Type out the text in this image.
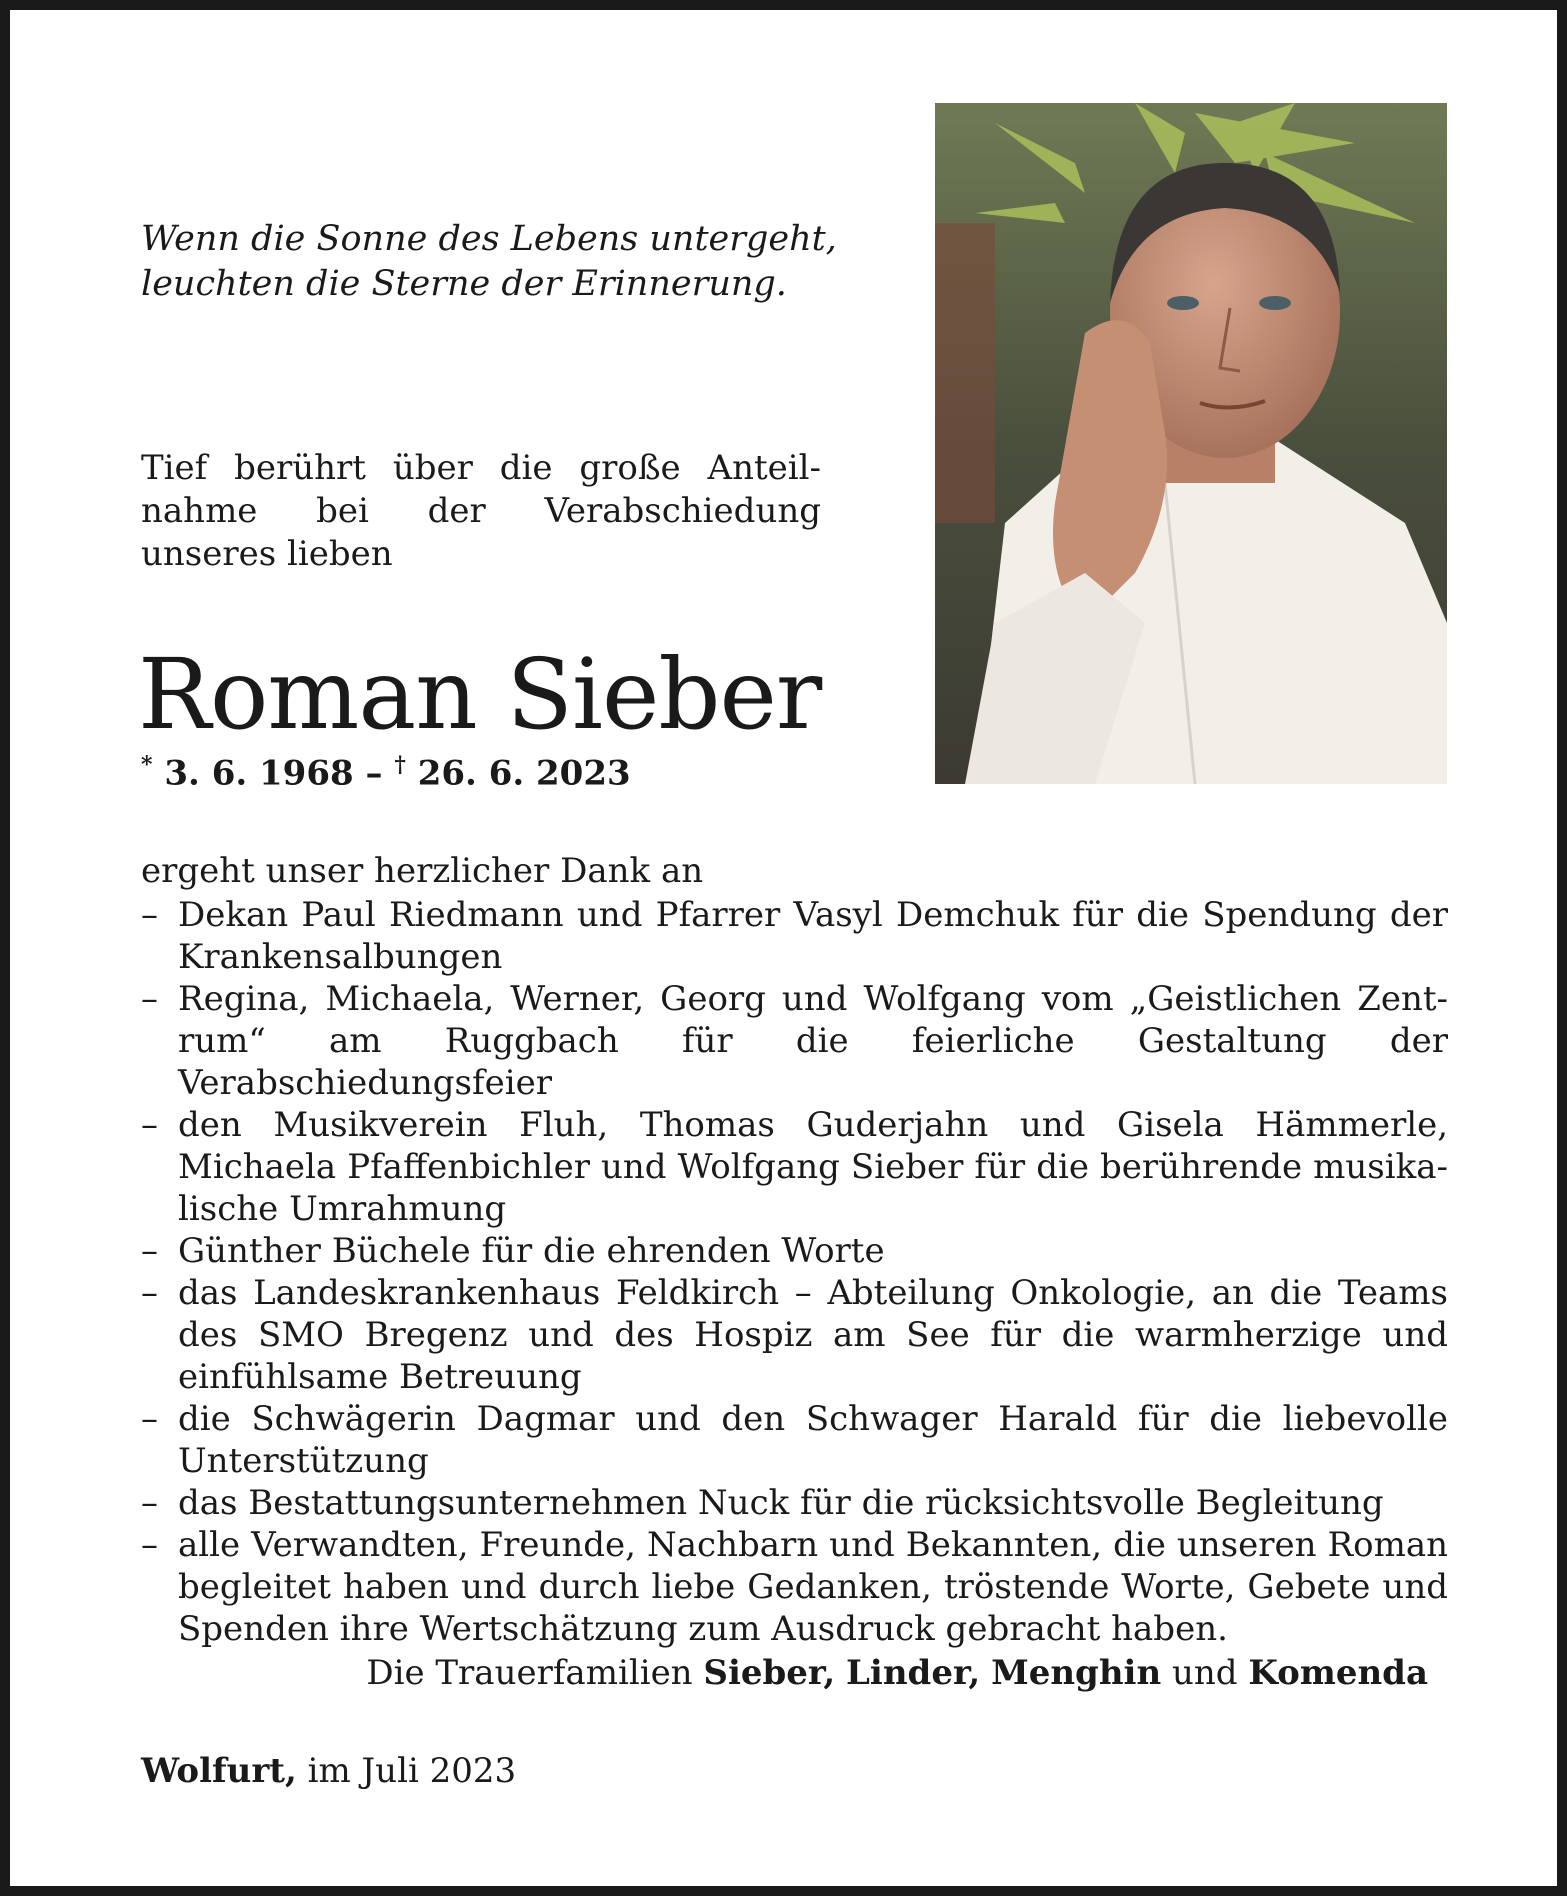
Wenn die Sonne des Lebens untergeht,
leuchten die Sterne der Erinnerung.
Tief berührt über die große Anteilnahme bei der Verabschiedung unseres lieben
Roman Sieber
* 3. 6. 1968 – † 26. 6. 2023
ergeht unser herzlicher Dank an
– Dekan Paul Riedmann und Pfarrer Vasyl Demchuk für die Spendung der Krankensalbungen
– Regina, Michaela, Werner, Georg und Wolfgang vom „Geistlichen Zentrum“ am Ruggbach für die feierliche Gestaltung der Verabschiedungsfeier
– den Musikverein Fluh, Thomas Guderjahn und Gisela Hämmerle, Michaela Pfaffenbichler und Wolfgang Sieber für die berührende musikalische Umrahmung
– Günther Büchele für die ehrenden Worte
– das Landeskrankenhaus Feldkirch – Abteilung Onkologie, an die Teams des SMO Bregenz und des Hospiz am See für die warmherzige und einfühlsame Betreuung
– die Schwägerin Dagmar und den Schwager Harald für die liebevolle Unterstützung
– das Bestattungsunternehmen Nuck für die rücksichtsvolle Begleitung
– alle Verwandten, Freunde, Nachbarn und Bekannten, die unseren Roman begleitet haben und durch liebe Gedanken, tröstende Worte, Gebete und Spenden ihre Wertschätzung zum Ausdruck gebracht haben.
Die Trauerfamilien Sieber, Linder, Menghin und Komenda
Wolfurt, im Juli 2023
